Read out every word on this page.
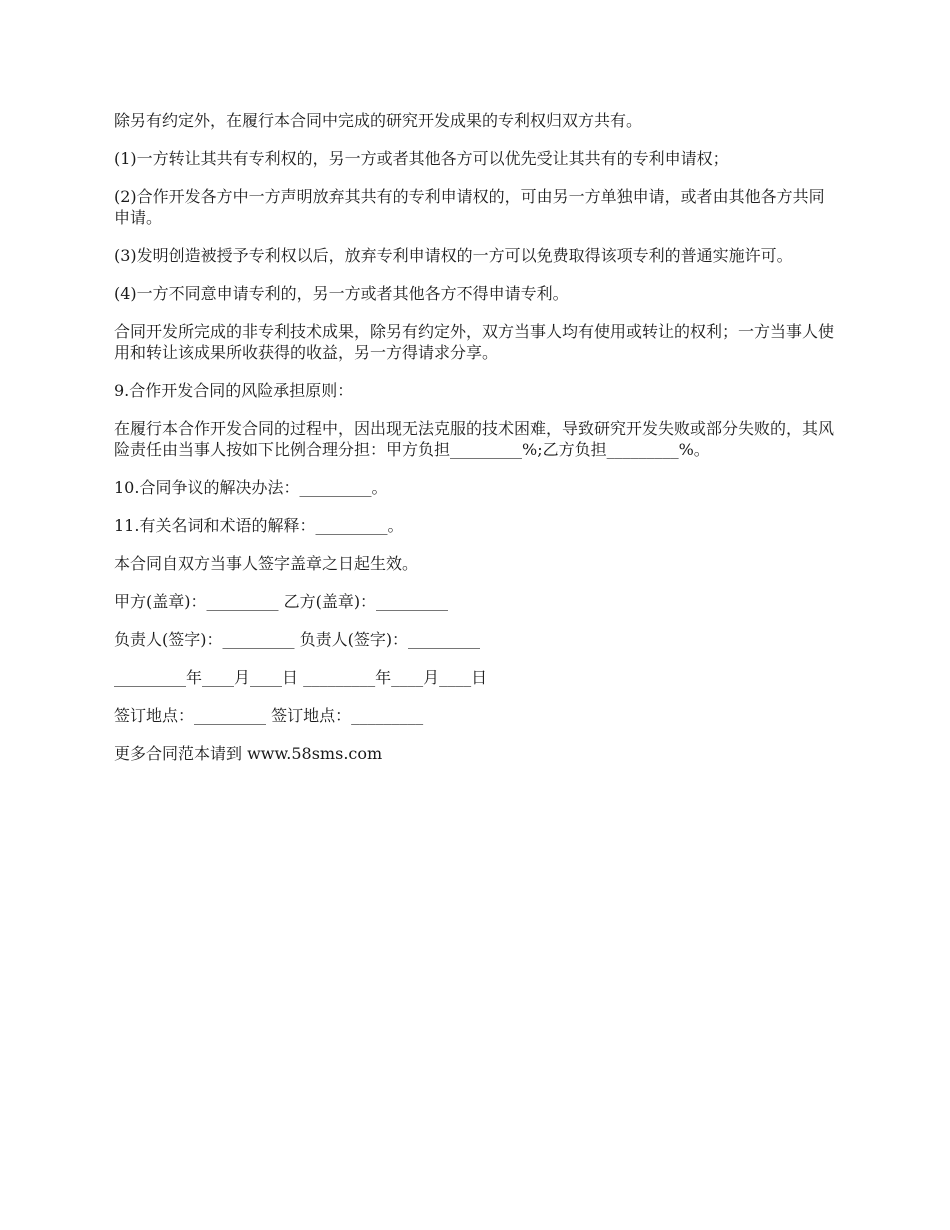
除另有约定外，在履行本合同中完成的研究开发成果的专利权归双方共有。

(1)一方转让其共有专利权的，另一方或者其他各方可以优先受让其共有的专利申请权；

(2)合作开发各方中一方声明放弃其共有的专利申请权的，可由另一方单独申请，或者由其他各方共同申请。

(3)发明创造被授予专利权以后，放弃专利申请权的一方可以免费取得该项专利的普通实施许可。

(4)一方不同意申请专利的，另一方或者其他各方不得申请专利。

合同开发所完成的非专利技术成果，除另有约定外，双方当事人均有使用或转让的权利；一方当事人使用和转让该成果所收获得的收益，另一方得请求分享。

9.合作开发合同的风险承担原则：

在履行本合作开发合同的过程中，因出现无法克服的技术困难，导致研究开发失败或部分失败的，其风险责任由当事人按如下比例合理分担：甲方负担_________%;乙方负担_________%。

10.合同争议的解决办法：_________。

11.有关名词和术语的解释：_________。

本合同自双方当事人签字盖章之日起生效。

甲方(盖章)：_________ 乙方(盖章)：_________

负责人(签字)：_________ 负责人(签字)：_________

_________年____月____日 _________年____月____日

签订地点：_________ 签订地点：_________

更多合同范本请到 www.58sms.com
